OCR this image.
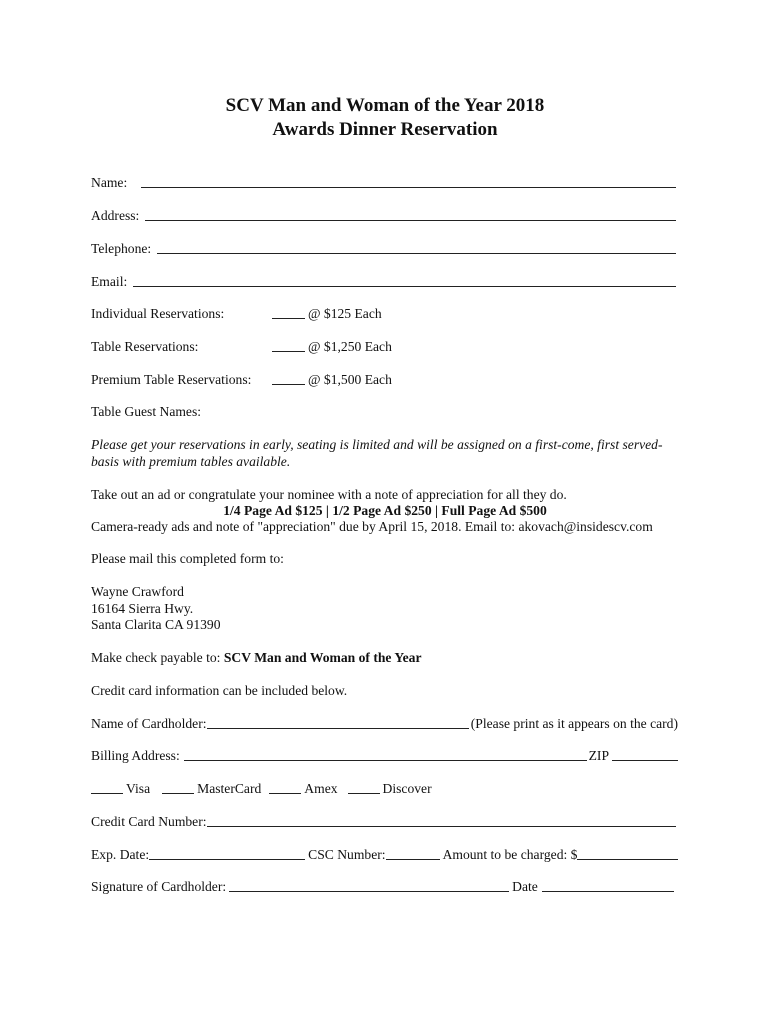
SCV Man and Woman of the Year 2018
Awards Dinner Reservation
Name:
Address:
Telephone:
Email:
Individual Reservations:	@ $125 Each
Table Reservations:	@ $1,250 Each
Premium Table Reservations:	@ $1,500 Each
Table Guest Names:
Please get your reservations in early, seating is limited and will be assigned on a first-come, first served-basis with premium tables available.
Take out an ad or congratulate your nominee with a note of appreciation for all they do.
1/4 Page Ad $125 | 1/2 Page Ad $250 | Full Page Ad $500
Camera-ready ads and note of "appreciation" due by April 15, 2018. Email to: akovach@insidescv.com
Please mail this completed form to:
Wayne Crawford
16164 Sierra Hwy.
Santa Clarita CA 91390
Make check payable to: SCV Man and Woman of the Year
Credit card information can be included below.
Name of Cardholder:	(Please print as it appears on the card)
Billing Address:	ZIP
Visa	MasterCard	Amex	Discover
Credit Card Number:
Exp. Date:	CSC Number:	Amount to be charged: $
Signature of Cardholder:	Date
